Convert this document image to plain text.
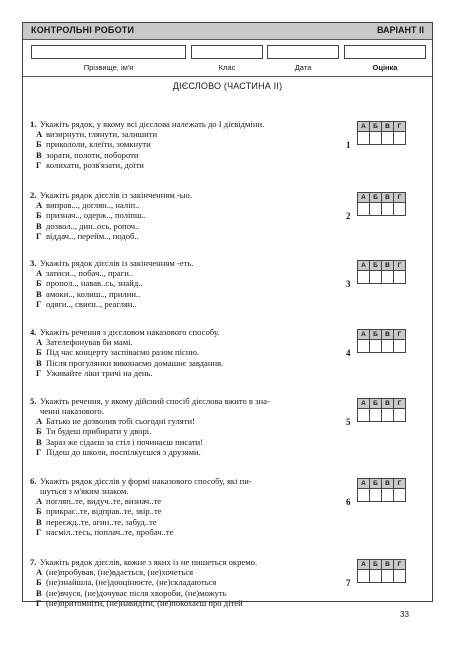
КОНТРОЛЬНІ РОБОТИ	ВАРІАНТ II
Прізвище, ім'я	Клас	Дата	Оцінка
ДІЄСЛОВО (ЧАСТИНА II)
1. Укажіть рядок, у якому всі дієслова належать до I дієвідміни.
А визирнути, глянути, залишити
Б прикололи, клеїти, зомкнути
В зорати, полоти, побороти
Г колихати, розв'язати, доїти
1
А	Б	В	Г

2. Укажіть рядок дієслів із закінченням -ыо.
А виправ..., доглян.., наліп..
Б признач.., одерж.., поліпш..
В дозвол.., дин..ось, ропоч..
Г віддач.., перейм.., подоб..
2
А	Б	В	Г

3. Укажіть рядок дієслів із закінченням -еть.
А затиси.., побач.., праги..
Б пропол.., навав..сь, знайд..
В амоки.., колиш.., прилии..
Г одяги.., свиєн.., реаглян..
3
А	Б	В	Г

4. Укажіть речення з дієсловом наказового способу.
А Зателефонував би мамі.
Б Під час концерту заспіваємо разом пісню.
В Після прогулянки виконаємо домашнє завдання.
Г Уживайте ліки тричі на день.
4
А	Б	В	Г

5. Укажіть речення, у якому дійсний спосіб дієслова вжито в зна-
ченні наказового.
А Батько не дозволив тобі сьогодні гуляти!
Б Ти будеш прибирати у дворі.
В Зараз же сідаєш за стіл і починаєш писати!
Г Підеш до школи, поспілкуєшся з друзями.
5
А	Б	В	Г

6. Укажіть рядок дієслів у формі наказового способу, які пи-
шуться з м'яким знаком.
А погляп..те, видуч..те, визнач..те
Б прикрас..те, відправ..те, звір..те
В переєжд..те, агин..те, забуд..те
Г насміл..тесь, поплач..те, пробач..те
6
А	Б	В	Г

7. Укажіть рядок дієслів, кожне з яких із не пишеться окремо.
А (не)пробував, (не)вдається, (не)хочеться
Б (не)знайшла, (не)дооцінюєте, (не)складаються
В (не)вчуся, (не)дочуває після хвороби, (не)можуть
Г (не)притомніти, (не)навидіти, (не)покохаєш про дітей
7
А	Б	В	Г

33
